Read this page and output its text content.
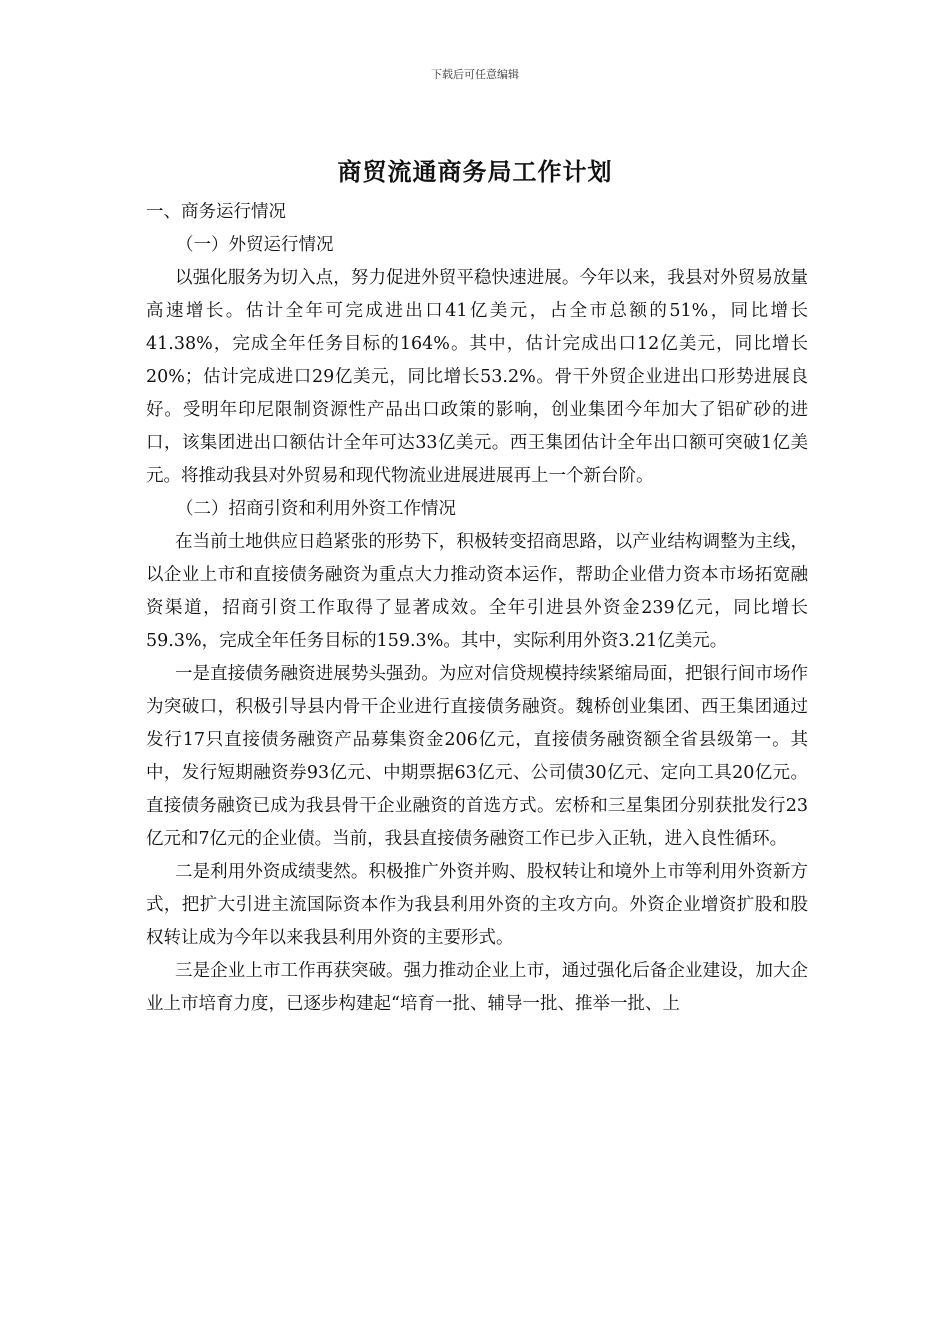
下载后可任意编辑
商贸流通商务局工作计划

一、商务运行情况

（一）外贸运行情况

以强化服务为切入点，努力促进外贸平稳快速进展。今年以来，我县对外贸易放量高速增长。估计全年可完成进出口41亿美元，占全市总额的51%，同比增长41.38%，完成全年任务目标的164%。其中，估计完成出口12亿美元，同比增长20%；估计完成进口29亿美元，同比增长53.2%。骨干外贸企业进出口形势进展良好。受明年印尼限制资源性产品出口政策的影响，创业集团今年加大了铝矿砂的进口，该集团进出口额估计全年可达33亿美元。西王集团估计全年出口额可突破1亿美元。将推动我县对外贸易和现代物流业进展进展再上一个新台阶。

（二）招商引资和利用外资工作情况

在当前土地供应日趋紧张的形势下，积极转变招商思路，以产业结构调整为主线，以企业上市和直接债务融资为重点大力推动资本运作，帮助企业借力资本市场拓宽融资渠道，招商引资工作取得了显著成效。全年引进县外资金239亿元，同比增长59.3%，完成全年任务目标的159.3%。其中，实际利用外资3.21亿美元。

一是直接债务融资进展势头强劲。为应对信贷规模持续紧缩局面，把银行间市场作为突破口，积极引导县内骨干企业进行直接债务融资。魏桥创业集团、西王集团通过发行17只直接债务融资产品募集资金206亿元，直接债务融资额全省县级第一。其中，发行短期融资券93亿元、中期票据63亿元、公司债30亿元、定向工具20亿元。直接债务融资已成为我县骨干企业融资的首选方式。宏桥和三星集团分别获批发行23亿元和7亿元的企业债。当前，我县直接债务融资工作已步入正轨，进入良性循环。

二是利用外资成绩斐然。积极推广外资并购、股权转让和境外上市等利用外资新方式，把扩大引进主流国际资本作为我县利用外资的主攻方向。外资企业增资扩股和股权转让成为今年以来我县利用外资的主要形式。

三是企业上市工作再获突破。强力推动企业上市，通过强化后备企业建设，加大企业上市培育力度，已逐步构建起“培育一批、辅导一批、推举一批、上
